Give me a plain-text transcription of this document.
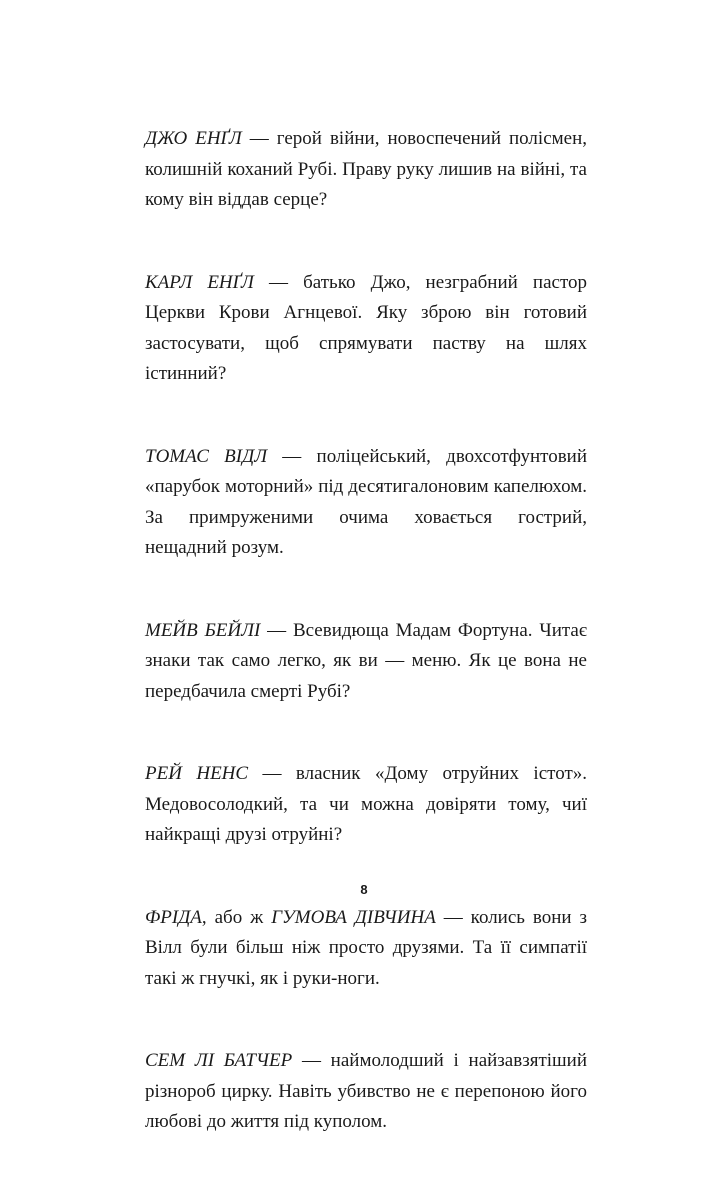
ДЖО ЕНҐЛ — герой війни, новоспечений полісмен, колишній коханий Рубі. Праву руку лишив на війні, та кому він віддав серце?

КАРЛ ЕНҐЛ — батько Джо, незграбний пастор Церкви Крови Агнцевої. Яку зброю він готовий застосувати, щоб спрямувати паству на шлях істинний?

ТОМАС ВІДЛ — поліцейський, двохсотфунтовий «парубок моторний» під десятигалоновим капелюхом. За примруженими очима ховається гострий, нещадний розум.

МЕЙВ БЕЙЛІ — Всевидюща Мадам Фортуна. Читає знаки так само легко, як ви — меню. Як це вона не передбачила смерті Рубі?

РЕЙ НЕНС — власник «Дому отруйних істот». Медовосолодкий, та чи можна довіряти тому, чиї найкращі друзі отруйні?

ФРІДА, або ж ГУМОВА ДІВЧИНА — колись вони з Вілл були більш ніж просто друзями. Та її симпатії такі ж гнучкі, як і руки-ноги.

СЕМ ЛІ БАТЧЕР — наймолодший і найзавзятіший різнороб цирку. Навіть убивство не є перепоною його любові до життя під куполом.

8
